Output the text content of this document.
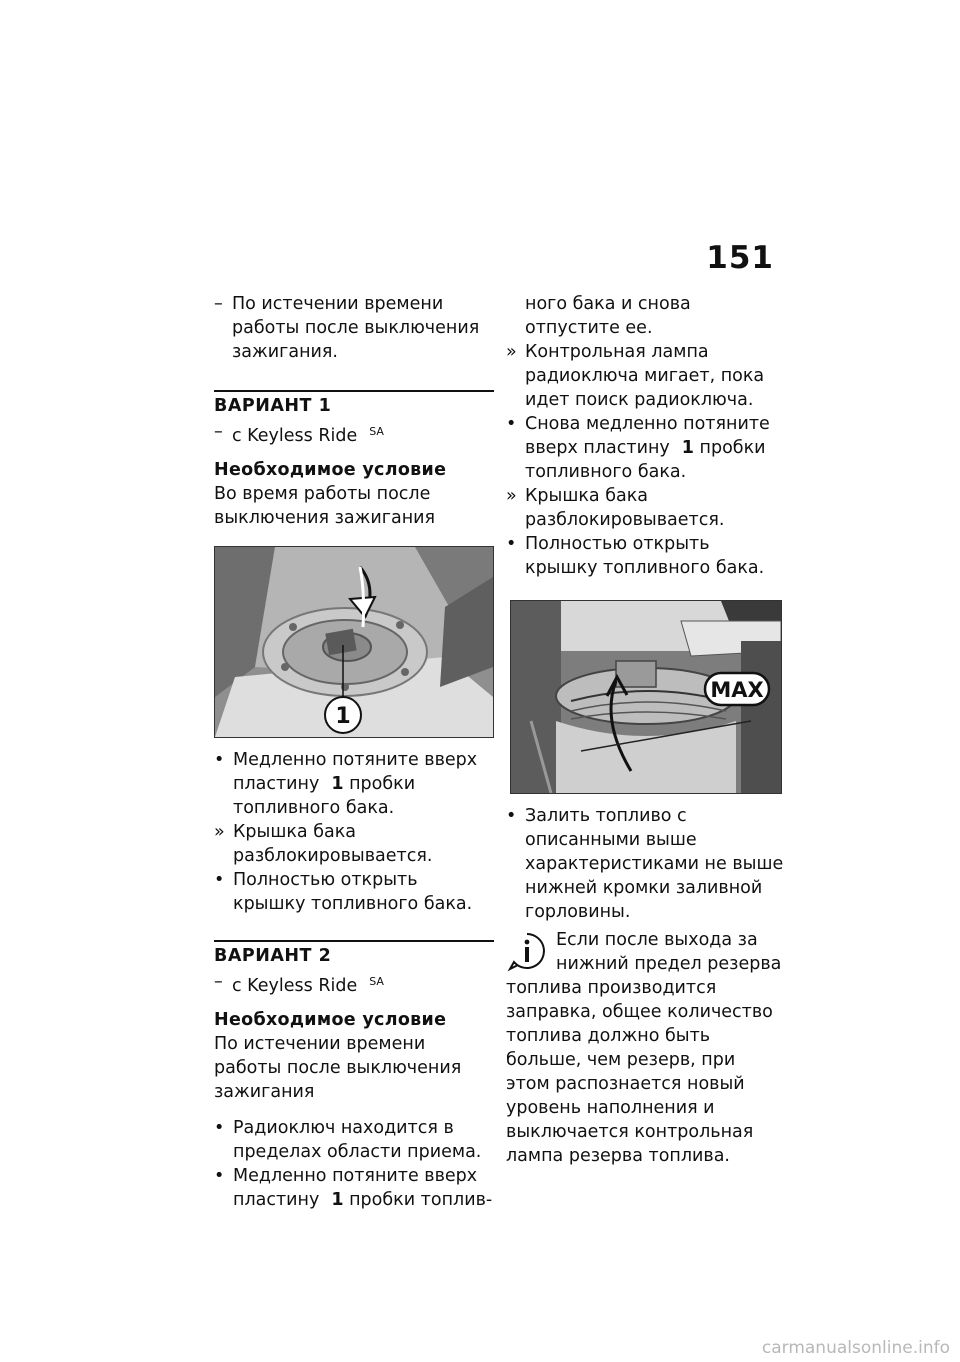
151
– По истечении времени работы после выключения зажигания.
ВАРИАНТ 1
– с Keyless Ride $^{SA}$
Необходимое условие
Во время работы после выключения зажигания
1
• Медленно потяните вверх пластину 1 пробки топливного бака.
» Крышка бака разблокировывается.
• Полностью открыть крышку топливного бака.
ВАРИАНТ 2
– с Keyless Ride $^{SA}$
Необходимое условие
По истечении времени работы после выключения зажигания
• Радиоключ находится в пределах области приема.
• Медленно потяните вверх пластину 1 пробки топлив-
ного бака и снова отпустите ее.
» Контрольная лампа радиоключа мигает, пока идет поиск радиоключа.
• Снова медленно потяните вверх пластину 1 пробки топливного бака.
» Крышка бака разблокировывается.
• Полностью открыть крышку топливного бака.
MAX
• Залить топливо с описанными выше характеристиками не выше нижней кромки заливной горловины.
Если после выхода за нижний предел резерва топлива производится заправка, общее количество топлива должно быть больше, чем резерв, при этом распознается новый уровень наполнения и выключается контрольная лампа резерва топлива.
carmanualsonline.info
